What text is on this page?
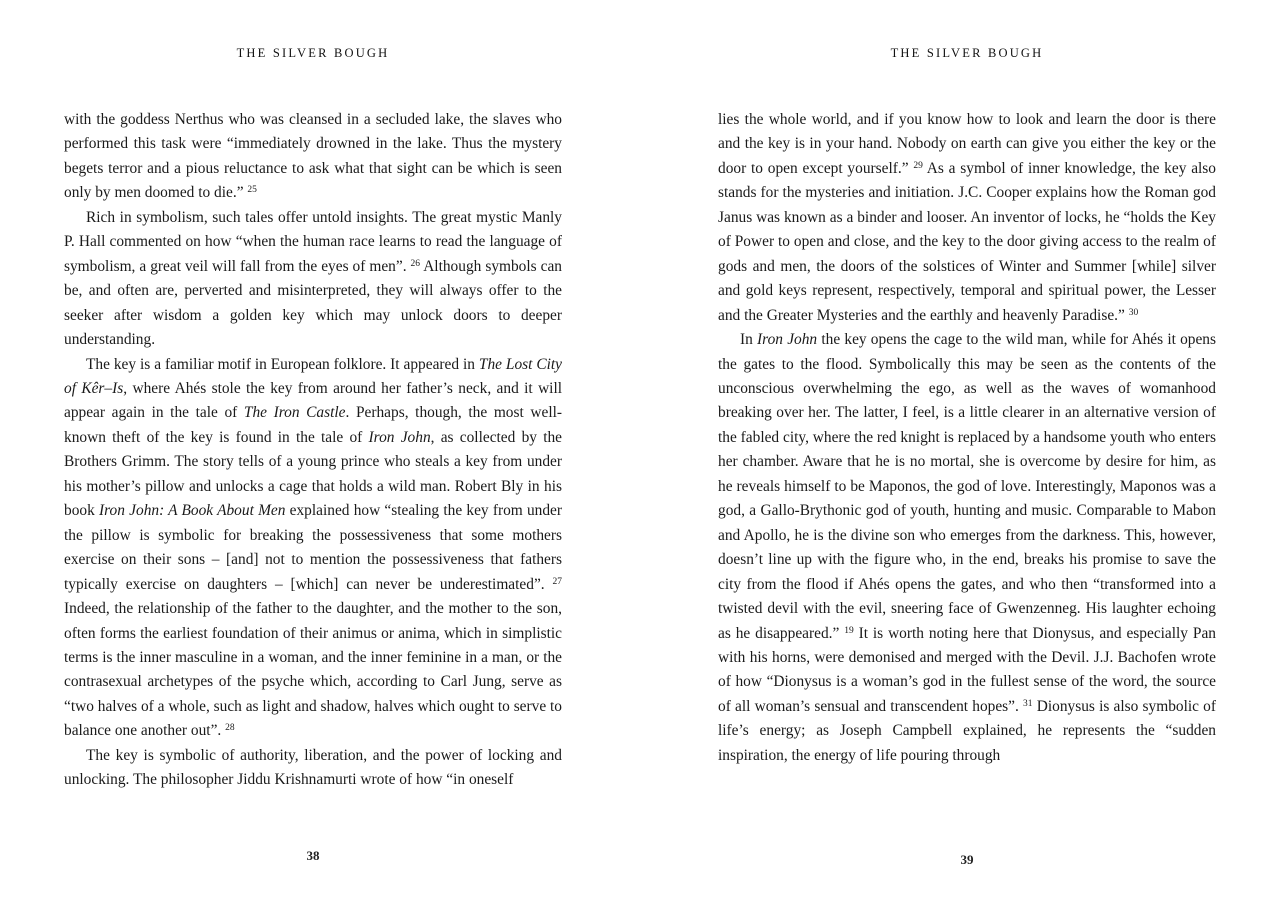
THE SILVER BOUGH

with the goddess Nerthus who was cleansed in a secluded lake, the slaves who performed this task were “immediately drowned in the lake. Thus the mystery begets terror and a pious reluctance to ask what that sight can be which is seen only by men doomed to die.” $^{25}$

Rich in symbolism, such tales offer untold insights. The great mystic Manly P. Hall commented on how “when the human race learns to read the language of symbolism, a great veil will fall from the eyes of men”. $^{26}$ Although symbols can be, and often are, perverted and misinterpreted, they will always offer to the seeker after wisdom a golden key which may unlock doors to deeper understanding.

The key is a familiar motif in European folklore. It appeared in The Lost City of Kêr–Is, where Ahés stole the key from around her father’s neck, and it will appear again in the tale of The Iron Castle. Perhaps, though, the most well-known theft of the key is found in the tale of Iron John, as collected by the Brothers Grimm. The story tells of a young prince who steals a key from under his mother’s pillow and unlocks a cage that holds a wild man. Robert Bly in his book Iron John: A Book About Men explained how “stealing the key from under the pillow is symbolic for breaking the possessiveness that some mothers exercise on their sons – [and] not to mention the possessiveness that fathers typically exercise on daughters – [which] can never be underestimated”. $^{27}$ Indeed, the relationship of the father to the daughter, and the mother to the son, often forms the earliest foundation of their animus or anima, which in simplistic terms is the inner masculine in a woman, and the inner feminine in a man, or the contrasexual archetypes of the psyche which, according to Carl Jung, serve as “two halves of a whole, such as light and shadow, halves which ought to serve to balance one another out”. $^{28}$

The key is symbolic of authority, liberation, and the power of locking and unlocking. The philosopher Jiddu Krishnamurti wrote of how “in oneself

38
THE SILVER BOUGH

lies the whole world, and if you know how to look and learn the door is there and the key is in your hand. Nobody on earth can give you either the key or the door to open except yourself.” $^{29}$ As a symbol of inner knowledge, the key also stands for the mysteries and initiation. J.C. Cooper explains how the Roman god Janus was known as a binder and looser. An inventor of locks, he “holds the Key of Power to open and close, and the key to the door giving access to the realm of gods and men, the doors of the solstices of Winter and Summer [while] silver and gold keys represent, respectively, temporal and spiritual power, the Lesser and the Greater Mysteries and the earthly and heavenly Paradise.” $^{30}$

In Iron John the key opens the cage to the wild man, while for Ahés it opens the gates to the flood. Symbolically this may be seen as the contents of the unconscious overwhelming the ego, as well as the waves of womanhood breaking over her. The latter, I feel, is a little clearer in an alternative version of the fabled city, where the red knight is replaced by a handsome youth who enters her chamber. Aware that he is no mortal, she is overcome by desire for him, as he reveals himself to be Maponos, the god of love. Interestingly, Maponos was a god, a Gallo-Brythonic god of youth, hunting and music. Comparable to Mabon and Apollo, he is the divine son who emerges from the darkness. This, however, doesn’t line up with the figure who, in the end, breaks his promise to save the city from the flood if Ahés opens the gates, and who then “transformed into a twisted devil with the evil, sneering face of Gwenzenneg. His laughter echoing as he disappeared.” $^{19}$ It is worth noting here that Dionysus, and especially Pan with his horns, were demonised and merged with the Devil. J.J. Bachofen wrote of how “Dionysus is a woman’s god in the fullest sense of the word, the source of all woman’s sensual and transcendent hopes”. $^{31}$ Dionysus is also symbolic of life’s energy; as Joseph Campbell explained, he represents the “sudden inspiration, the energy of life pouring through

39
